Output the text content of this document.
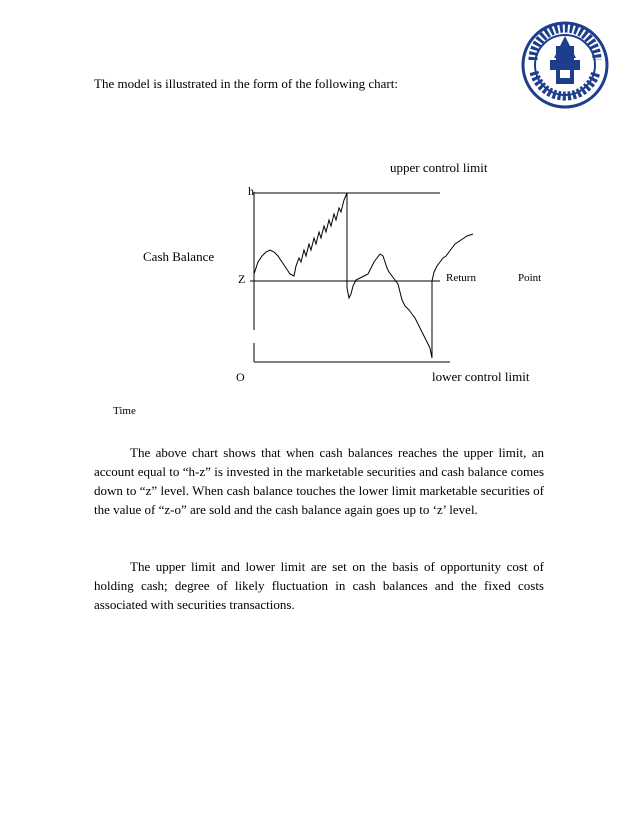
The model is illustrated in the form of the following chart:
upper control limit
h
Cash Balance
Z	Return	Point
O	lower control limit
Time
The above chart shows that when cash balances reaches the upper limit, an account equal to “h-z” is invested in the marketable securities and cash balance comes down to “z” level. When cash balance touches the lower limit marketable securities of the value of “z-o” are sold and the cash balance again goes up to ‘z’ level.
The upper limit and lower limit are set on the basis of opportunity cost of holding cash; degree of likely fluctuation in cash balances and the fixed costs associated with securities transactions.
